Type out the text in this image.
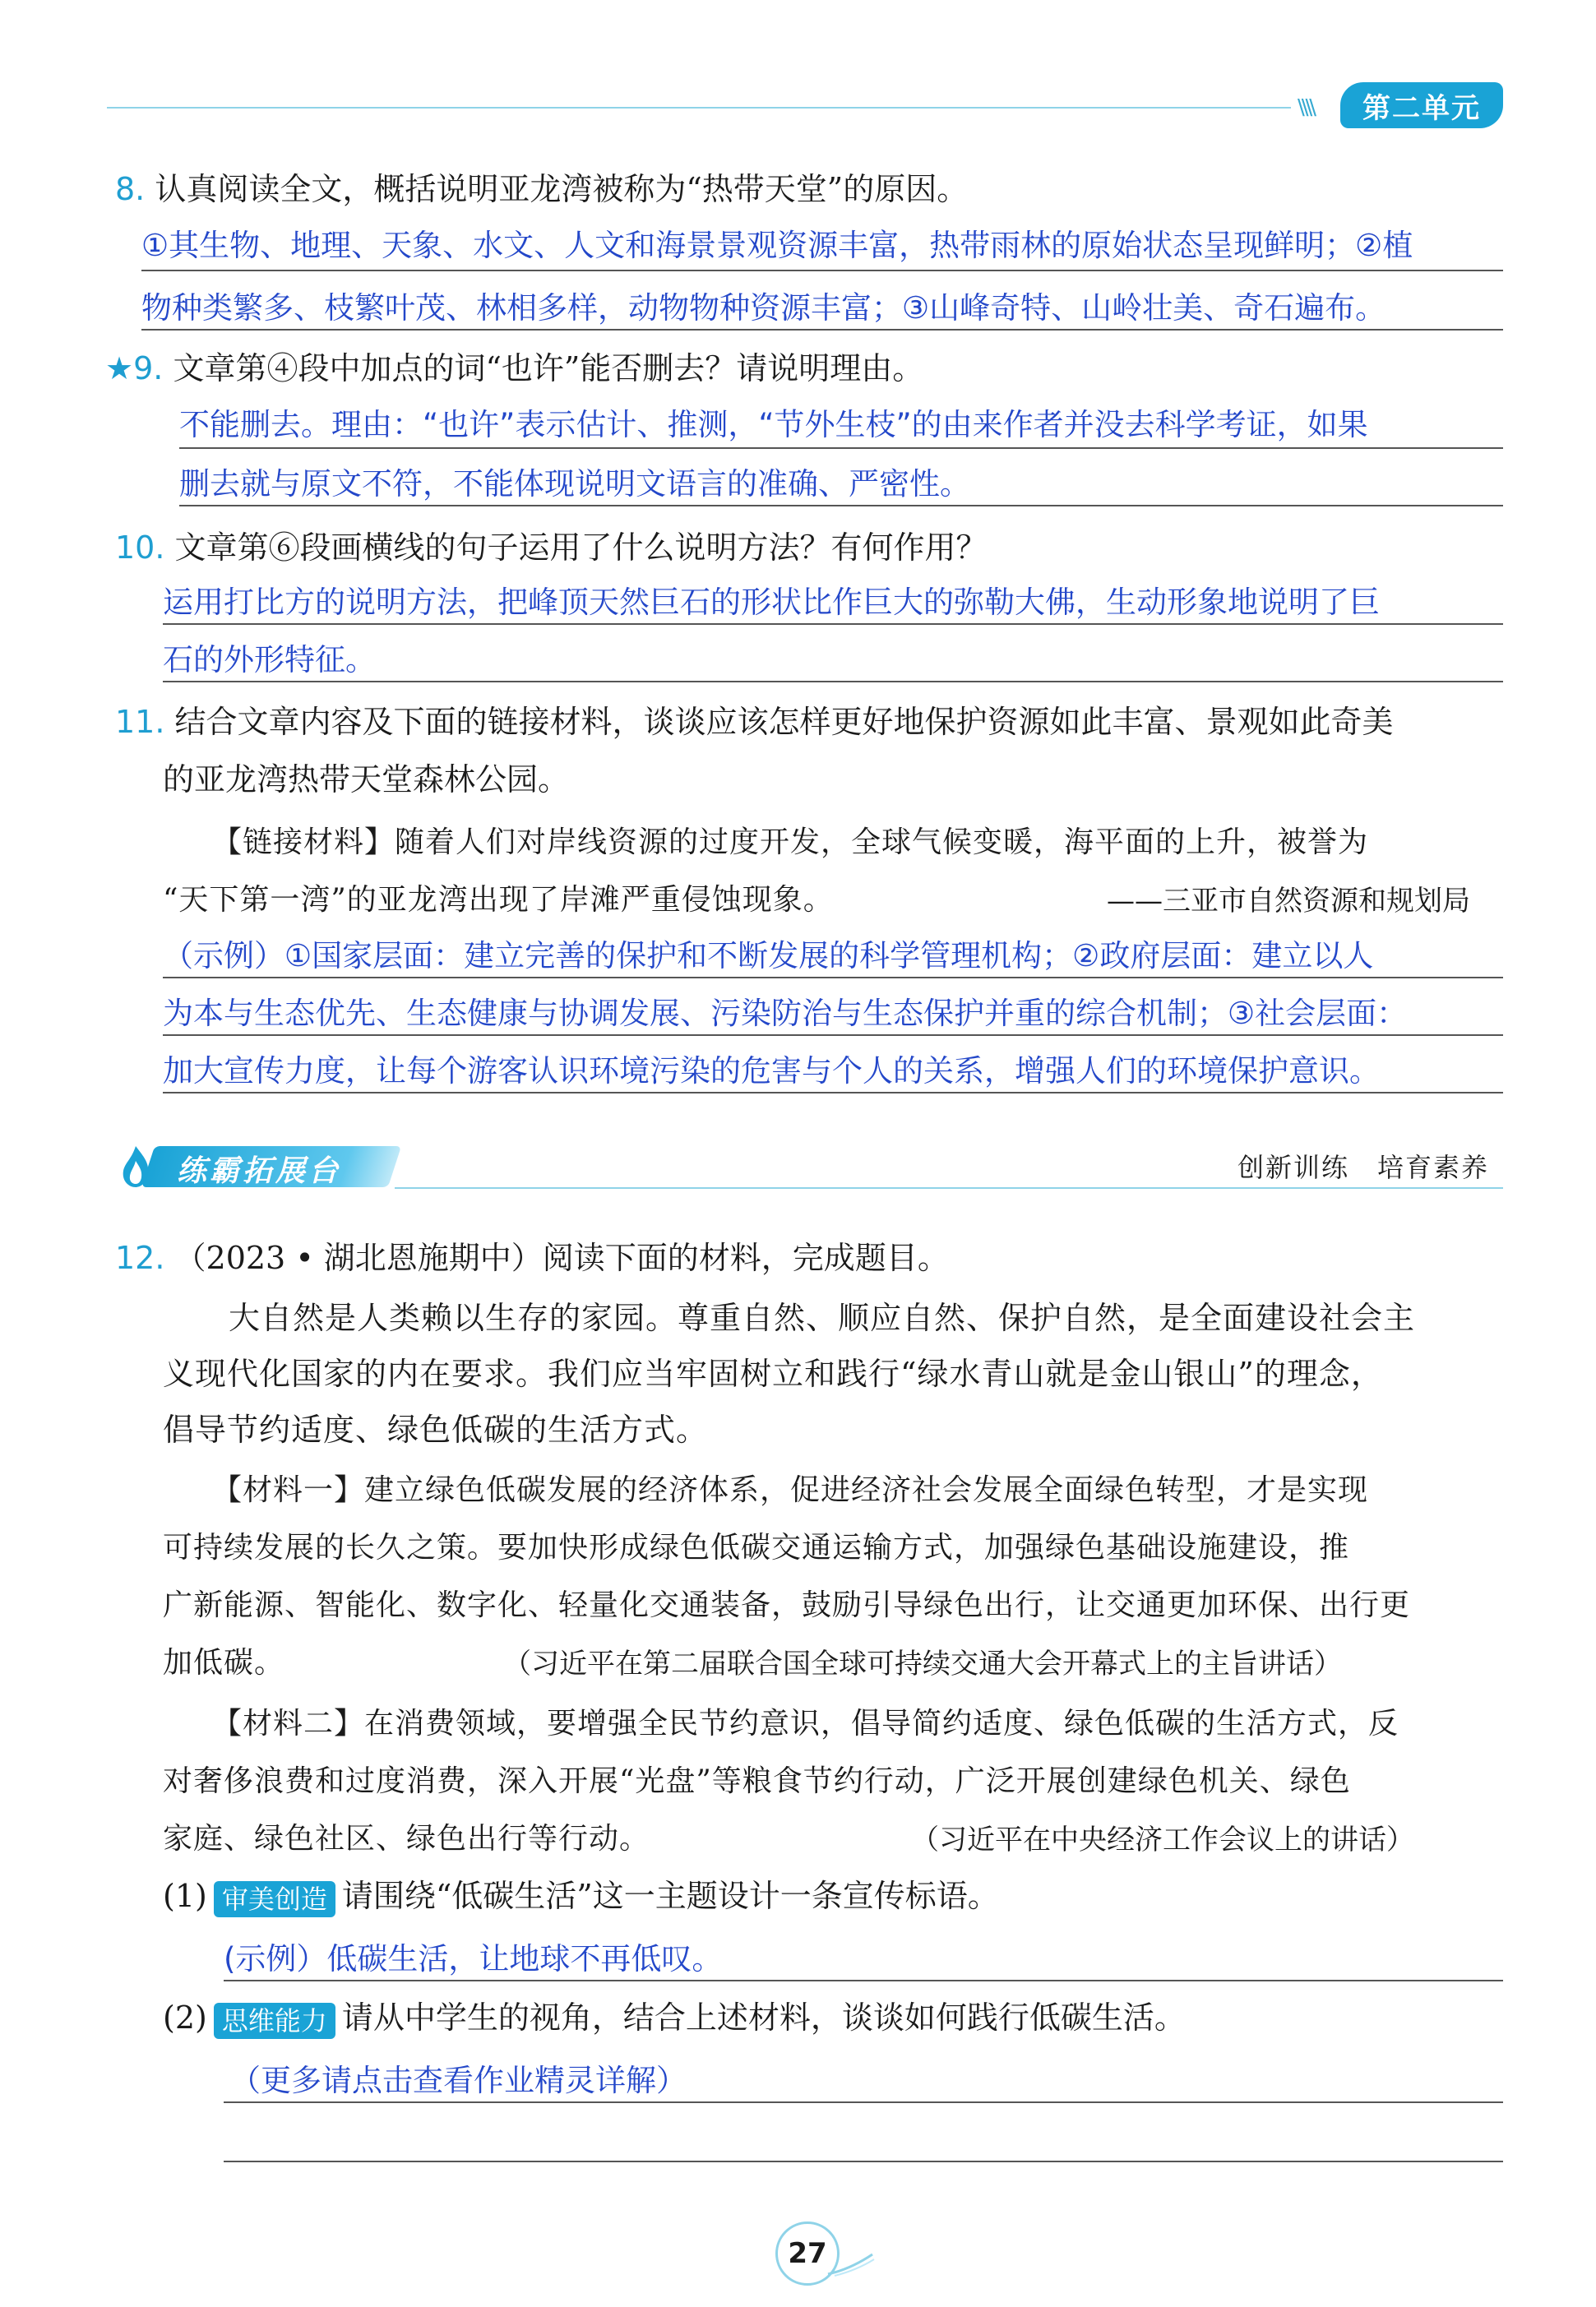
\\\\	第二单元
8. 认真阅读全文，概括说明亚龙湾被称为“热带天堂”的原因。
①其生物、地理、天象、水文、人文和海景景观资源丰富，热带雨林的原始状态呈现鲜明；②植
物种类繁多、枝繁叶茂、林相多样，动物物种资源丰富；③山峰奇特、山岭壮美、奇石遍布。
★9. 文章第④段中加点的词“也许”能否删去？请说明理由。
不能删去。理由：“也许”表示估计、推测，“节外生枝”的由来作者并没去科学考证，如果
删去就与原文不符，不能体现说明文语言的准确、严密性。
10. 文章第⑥段画横线的句子运用了什么说明方法？有何作用？
运用打比方的说明方法，把峰顶天然巨石的形状比作巨大的弥勒大佛，生动形象地说明了巨
石的外形特征。
11. 结合文章内容及下面的链接材料，谈谈应该怎样更好地保护资源如此丰富、景观如此奇美
的亚龙湾热带天堂森林公园。
【链接材料】随着人们对岸线资源的过度开发，全球气候变暖，海平面的上升，被誉为
“天下第一湾”的亚龙湾出现了岸滩严重侵蚀现象。	——三亚市自然资源和规划局
（示例）①国家层面：建立完善的保护和不断发展的科学管理机构；②政府层面：建立以人
为本与生态优先、生态健康与协调发展、污染防治与生态保护并重的综合机制；③社会层面：
加大宣传力度，让每个游客认识环境污染的危害与个人的关系，增强人们的环境保护意识。
练霸拓展台	创新训练　培育素养
12. （2023 • 湖北恩施期中）阅读下面的材料，完成题目。
大自然是人类赖以生存的家园。尊重自然、顺应自然、保护自然，是全面建设社会主
义现代化国家的内在要求。我们应当牢固树立和践行“绿水青山就是金山银山”的理念，
倡导节约适度、绿色低碳的生活方式。
【材料一】建立绿色低碳发展的经济体系，促进经济社会发展全面绿色转型，才是实现
可持续发展的长久之策。要加快形成绿色低碳交通运输方式，加强绿色基础设施建设，推
广新能源、智能化、数字化、轻量化交通装备，鼓励引导绿色出行，让交通更加环保、出行更
加低碳。	（习近平在第二届联合国全球可持续交通大会开幕式上的主旨讲话）
【材料二】在消费领域，要增强全民节约意识，倡导简约适度、绿色低碳的生活方式，反
对奢侈浪费和过度消费，深入开展“光盘”等粮食节约行动，广泛开展创建绿色机关、绿色
家庭、绿色社区、绿色出行等行动。	（习近平在中央经济工作会议上的讲话）
(1) 审美创造 请围绕“低碳生活”这一主题设计一条宣传标语。
(示例）低碳生活，让地球不再低叹。
(2) 思维能力 请从中学生的视角，结合上述材料，谈谈如何践行低碳生活。
（更多请点击查看作业精灵详解）
27
